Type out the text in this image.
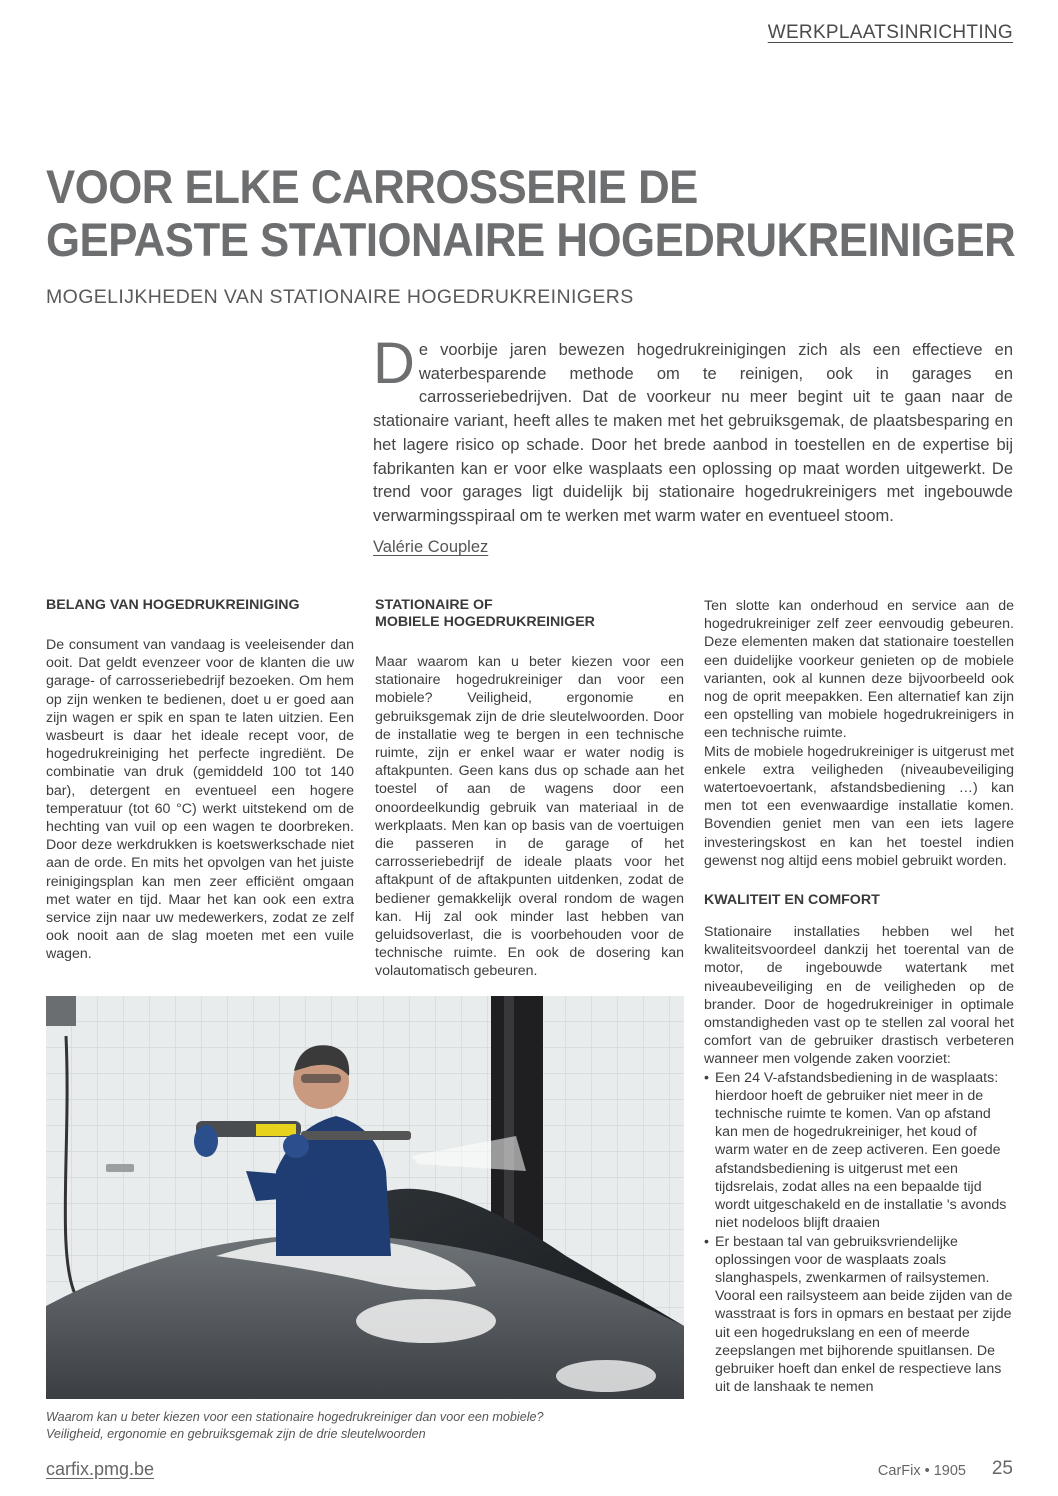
WERKPLAATSINRICHTING
VOOR ELKE CARROSSERIE DE
GEPASTE STATIONAIRE HOGEDRUKREINIGER
MOGELIJKHEDEN VAN STATIONAIRE HOGEDRUKREINIGERS
De voorbije jaren bewezen hogedrukreinigingen zich als een effectieve en waterbesparende methode om te reinigen, ook in garages en carrosseriebedrijven. Dat de voorkeur nu meer begint uit te gaan naar de stationaire variant, heeft alles te maken met het gebruiksgemak, de plaatsbesparing en het lagere risico op schade. Door het brede aanbod in toestellen en de expertise bij fabrikanten kan er voor elke wasplaats een oplossing op maat worden uitgewerkt. De trend voor garages ligt duidelijk bij stationaire hogedrukreinigers met ingebouwde verwarmingsspiraal om te werken met warm water en eventueel stoom.
Valérie Couplez
BELANG VAN HOGEDRUKREINIGING

De consument van vandaag is veeleisender dan ooit. Dat geldt evenzeer voor de klanten die uw garage- of carrosseriebedrijf bezoeken. Om hem op zijn wenken te bedienen, doet u er goed aan zijn wagen er spik en span te laten uitzien. Een wasbeurt is daar het ideale recept voor, de hogedrukreiniging het perfecte ingrediënt. De combinatie van druk (gemiddeld 100 tot 140 bar), detergent en eventueel een hogere temperatuur (tot 60 °C) werkt uitstekend om de hechting van vuil op een wagen te doorbreken. Door deze werkdrukken is koetswerkschade niet aan de orde. En mits het opvolgen van het juiste reinigingsplan kan men zeer efficiënt omgaan met water en tijd. Maar het kan ook een extra service zijn naar uw medewerkers, zodat ze zelf ook nooit aan de slag moeten met een vuile wagen.

STATIONAIRE OF
MOBIELE HOGEDRUKREINIGER

Maar waarom kan u beter kiezen voor een stationaire hogedrukreiniger dan voor een mobiele? Veiligheid, ergonomie en gebruiksgemak zijn de drie sleutelwoorden. Door de installatie weg te bergen in een technische ruimte, zijn er enkel waar er water nodig is aftakpunten. Geen kans dus op schade aan het toestel of aan de wagens door een onoordeelkundig gebruik van materiaal in de werkplaats. Men kan op basis van de voertuigen die passeren in de garage of het carrosseriebedrijf de ideale plaats voor het aftakpunt of de aftakpunten uitdenken, zodat de bediener gemakkelijk overal rondom de wagen kan. Hij zal ook minder last hebben van geluidsoverlast, die is voorbehouden voor de technische ruimte. En ook de dosering kan volautomatisch gebeuren.

Ten slotte kan onderhoud en service aan de hogedrukreiniger zelf zeer eenvoudig gebeuren. Deze elementen maken dat stationaire toestellen een duidelijke voorkeur genieten op de mobiele varianten, ook al kunnen deze bijvoorbeeld ook nog de oprit meepakken. Een alternatief kan zijn een opstelling van mobiele hogedrukreinigers in een technische ruimte.

Mits de mobiele hogedrukreiniger is uitgerust met enkele extra veiligheden (niveaubeveiliging watertoevoertank, afstandsbediening …) kan men tot een evenwaardige installatie komen. Bovendien geniet men van een iets lagere investeringskost en kan het toestel indien gewenst nog altijd eens mobiel gebruikt worden.

KWALITEIT EN COMFORT

Stationaire installaties hebben wel het kwaliteitsvoordeel dankzij het toerental van de motor, de ingebouwde watertank met niveaubeveiliging en de veiligheden op de brander. Door de hogedrukreiniger in optimale omstandigheden vast op te stellen zal vooral het comfort van de gebruiker drastisch verbeteren wanneer men volgende zaken voorziet:

• Een 24 V-afstandsbediening in de wasplaats: hierdoor hoeft de gebruiker niet meer in de technische ruimte te komen. Van op afstand kan men de hogedrukreiniger, het koud of warm water en de zeep activeren. Een goede afstandsbediening is uitgerust met een tijdsrelais, zodat alles na een bepaalde tijd wordt uitgeschakeld en de installatie 's avonds niet nodeloos blijft draaien
• Er bestaan tal van gebruiksvriendelijke oplossingen voor de wasplaats zoals slanghaspels, zwenkarmen of railsystemen. Vooral een railsysteem aan beide zijden van de wasstraat is fors in opmars en bestaat per zijde uit een hogedrukslang en een of meerde zeepslangen met bijhorende spuitlansen. De gebruiker hoeft dan enkel de respectieve lans uit de lanshaak te nemen
Waarom kan u beter kiezen voor een stationaire hogedrukreiniger dan voor een mobiele?
Veiligheid, ergonomie en gebruiksgemak zijn de drie sleutelwoorden
carfix.pmg.be	CarFix • 1905 25
